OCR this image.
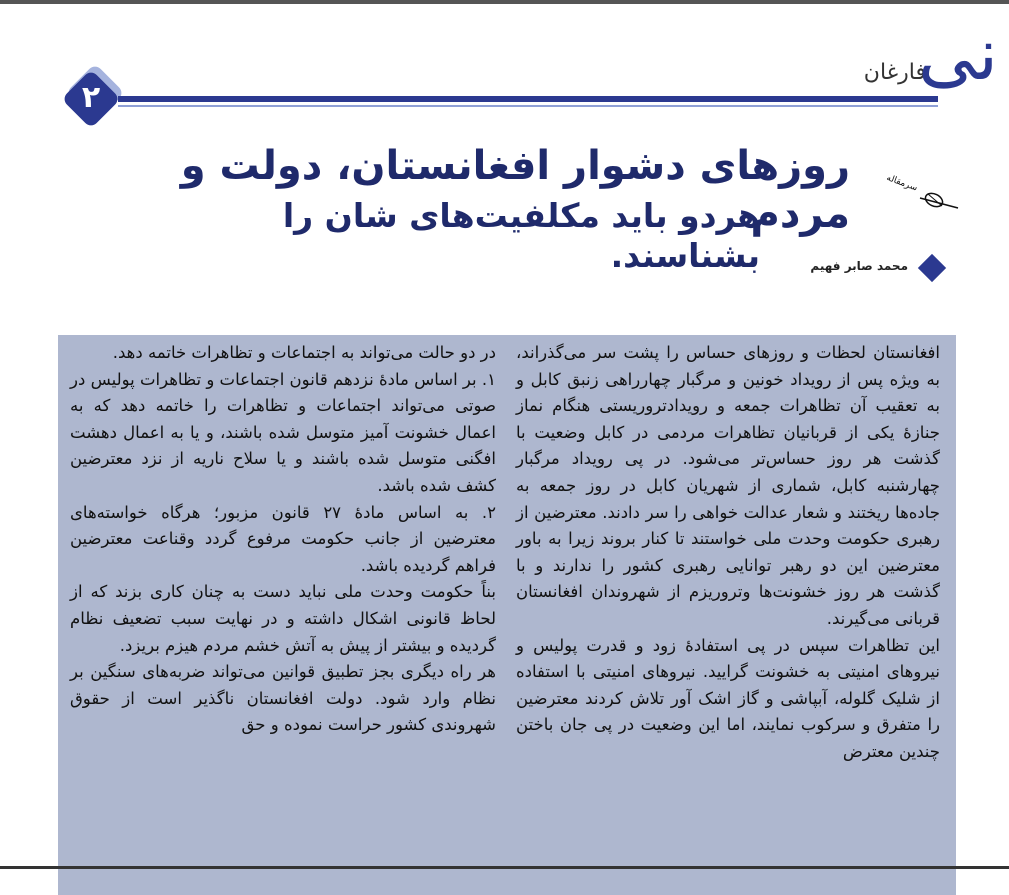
۲
فارغان
نی
روزهای دشوار افغانستان، دولت و مردم
هردو باید مکلفیت‌های شان را بشناسند.
سرمقاله
محمد صابر فهیم

افغانستان لحظات و روزهای حساس را پشت سر می‌گذراند، به ویژه پس از رویداد خونین و مرگبار چهارراهی زنبق کابل و به تعقیب آن تظاهرات جمعه و رویدادتروریستی هنگام نماز جنازهٔ یکی از قربانیان تظاهرات مردمی در کابل وضعیت با گذشت هر روز حساس‌تر می‌شود. در پی رویداد مرگبار چهارشنبه کابل، شماری از شهریان کابل در روز جمعه به جاده‌ها ریختند و شعار عدالت خواهی را سر دادند. معترضین از رهبری حکومت وحدت ملی خواستند تا کنار بروند زیرا به باور معترضین این دو رهبر توانایی رهبری کشور را ندارند و با گذشت هر روز خشونت‌ها وتروریزم از شهروندان افغانستان قربانی می‌گیرند.

این تظاهرات سپس در پی استفادهٔ زود و قدرت پولیس و نیروهای امنیتی به خشونت گرایید. نیروهای امنیتی با استفاده از شلیک گلوله، آبپاشی و گاز اشک آور تلاش کردند معترضین را متفرق و سرکوب نمایند، اما این وضعیت در پی جان باختن چندین معترض

در دو حالت می‌تواند به اجتماعات و تظاهرات خاتمه دهد.

۱. بر اساس مادهٔ نزدهم قانون اجتماعات و تظاهرات پولیس در صوتی می‌تواند اجتماعات و تظاهرات را خاتمه دهد که به اعمال خشونت آمیز متوسل شده باشند، و یا به اعمال دهشت افگنی متوسل شده باشند و یا سلاح ناریه از نزد معترضین کشف شده باشد.

۲. به اساس مادهٔ ۲۷ قانون مزبور؛ هرگاه خواسته‌های معترضین از جانب حکومت مرفوع گردد وقناعت معترضین فراهم گردیده باشد.

بناً حکومت وحدت ملی نباید دست به چنان کاری بزند که از لحاظ قانونی اشکال داشته و در نهایت سبب تضعیف نظام گردیده و بیشتر از پیش به آتش خشم مردم هیزم بریزد.

هر راه دیگری بجز تطبیق قوانین می‌تواند ضربه‌های سنگین بر نظام وارد شود. دولت افغانستان ناگذیر است از حقوق شهروندی کشور حراست نموده و حق
